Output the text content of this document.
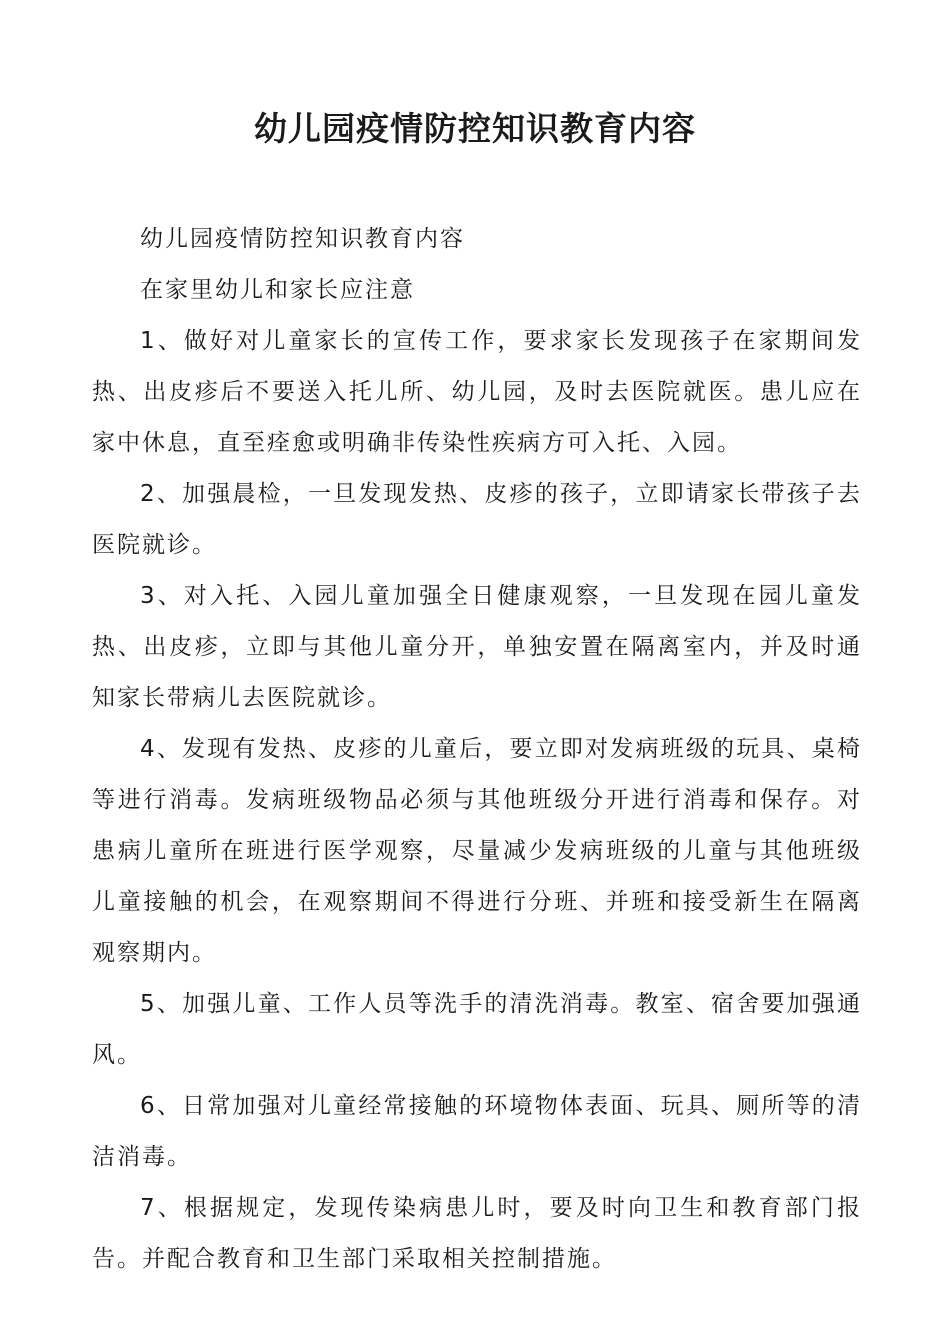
幼儿园疫情防控知识教育内容

幼儿园疫情防控知识教育内容

在家里幼儿和家长应注意

1、做好对儿童家长的宣传工作，要求家长发现孩子在家期间发热、出皮疹后不要送入托儿所、幼儿园，及时去医院就医。患儿应在家中休息，直至痊愈或明确非传染性疾病方可入托、入园。

2、加强晨检，一旦发现发热、皮疹的孩子，立即请家长带孩子去医院就诊。

3、对入托、入园儿童加强全日健康观察，一旦发现在园儿童发热、出皮疹，立即与其他儿童分开，单独安置在隔离室内，并及时通知家长带病儿去医院就诊。

4、发现有发热、皮疹的儿童后，要立即对发病班级的玩具、桌椅等进行消毒。发病班级物品必须与其他班级分开进行消毒和保存。对患病儿童所在班进行医学观察，尽量减少发病班级的儿童与其他班级儿童接触的机会，在观察期间不得进行分班、并班和接受新生在隔离观察期内。

5、加强儿童、工作人员等洗手的清洗消毒。教室、宿舍要加强通风。

6、日常加强对儿童经常接触的环境物体表面、玩具、厕所等的清洁消毒。

7、根据规定，发现传染病患儿时，要及时向卫生和教育部门报告。并配合教育和卫生部门采取相关控制措施。
